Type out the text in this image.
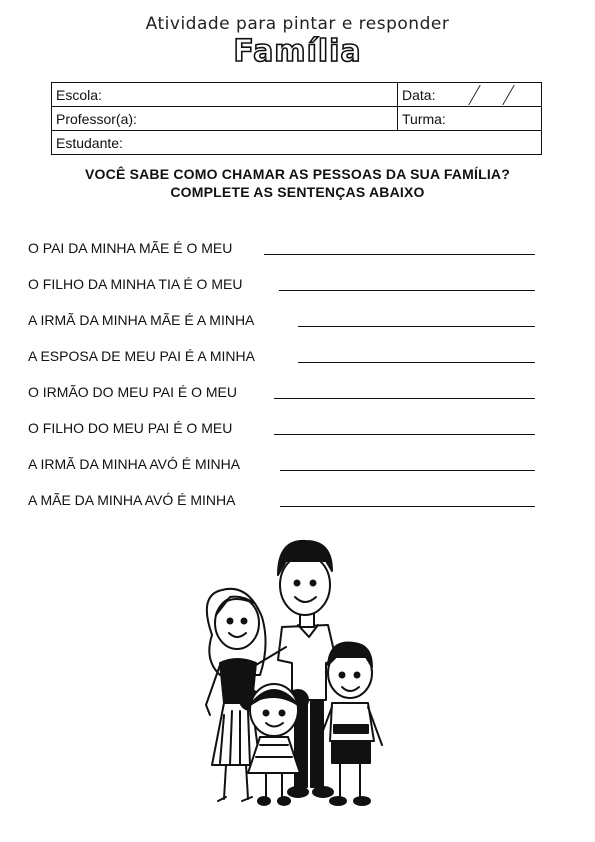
Atividade para pintar e responder
Família
Escola:	Data:
Professor(a):	Turma:
Estudante:
VOCÊ SABE COMO CHAMAR AS PESSOAS DA SUA FAMÍLIA?
COMPLETE AS SENTENÇAS ABAIXO
O PAI DA MINHA MÃE É O MEU
O FILHO DA MINHA TIA É O MEU
A IRMÃ DA MINHA MÃE É A MINHA
A ESPOSA DE MEU PAI É A MINHA
O IRMÃO DO MEU PAI É O MEU
O FILHO DO MEU PAI É O MEU
A IRMÃ DA MINHA AVÓ É MINHA
A MÃE DA MINHA AVÓ É MINHA
